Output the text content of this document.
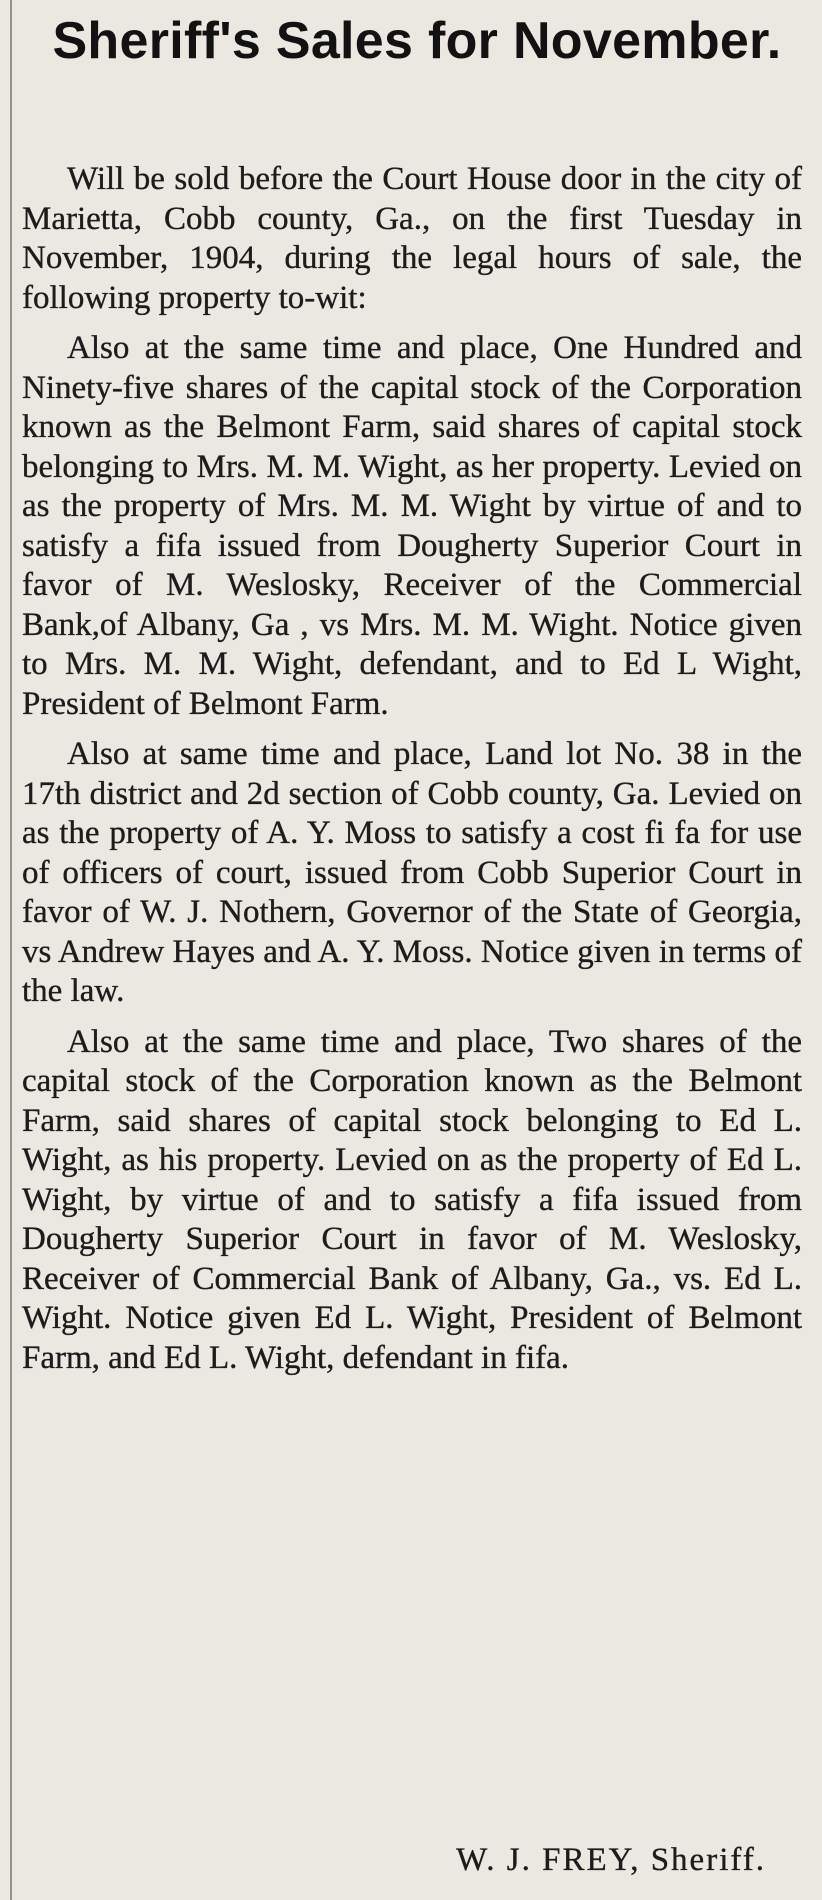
Sheriff's Sales for November.

Will be sold before the Court House door in the city of Marietta, Cobb county, Ga., on the first Tuesday in November, 1904, during the legal hours of sale, the following property to-wit:

Also at the same time and place, One Hundred and Ninety-five shares of the capital stock of the Corporation known as the Belmont Farm, said shares of capital stock belonging to Mrs. M. M. Wight, as her property. Levied on as the property of Mrs. M. M. Wight by virtue of and to satisfy a fifa issued from Dougherty Superior Court in favor of M. Weslosky, Receiver of the Commercial Bank,of Albany, Ga , vs Mrs. M. M. Wight. Notice given to Mrs. M. M. Wight, defendant, and to Ed L Wight, President of Belmont Farm.

Also at same time and place, Land lot No. 38 in the 17th district and 2d section of Cobb county, Ga. Levied on as the property of A. Y. Moss to satisfy a cost fi fa for use of officers of court, issued from Cobb Superior Court in favor of W. J. Nothern, Governor of the State of Georgia, vs Andrew Hayes and A. Y. Moss. Notice given in terms of the law.

Also at the same time and place, Two shares of the capital stock of the Corporation known as the Belmont Farm, said shares of capital stock belonging to Ed L. Wight, as his property. Levied on as the property of Ed L. Wight, by virtue of and to satisfy a fifa issued from Dougherty Superior Court in favor of M. Weslosky, Receiver of Commercial Bank of Albany, Ga., vs. Ed L. Wight. Notice given Ed L. Wight, President of Belmont Farm, and Ed L. Wight, defendant in fifa.

W. J. FREY, Sheriff.
